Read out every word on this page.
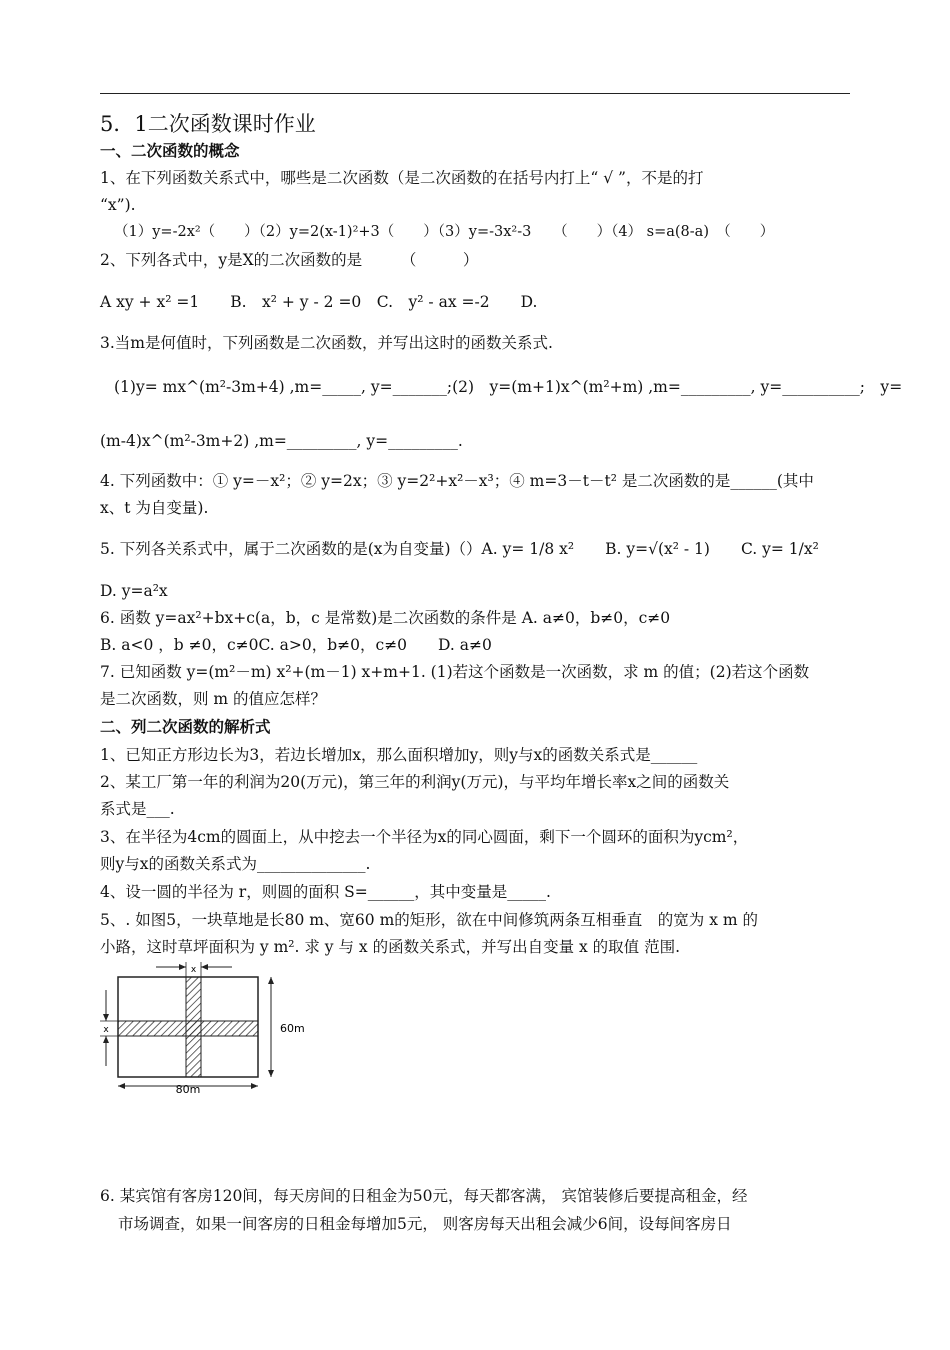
5．1二次函数课时作业
一、二次函数的概念
1、在下列函数关系式中，哪些是二次函数（是二次函数的在括号内打上“ √ ”，不是的打
“x”).
（1）y=-2x²（　　）（2）y=2(x-1)²+3（　　）（3）y=-3x²-3　　（　　）（4） s=a(8-a)　（　　）
2、下列各式中，y是X的二次函数的是　　　（　　　）
A xy + x² =1　　B.　x² + y - 2 =0　C.　y² - ax =-2　　D.
3.当m是何值时，下列函数是二次函数，并写出这时的函数关系式.
(1)y= mx^(m²-3m+4) ,m=_____, y=_______;(2)　y=(m+1)x^(m²+m) ,m=_________, y=__________;　y=
(m-4)x^(m²-3m+2) ,m=_________, y=_________.
4. 下列函数中：① y=－x²；② y=2x；③ y=2²+x²－x³；④ m=3－t－t² 是二次函数的是______(其中
x、t 为自变量).
5. 下列各关系式中，属于二次函数的是(x为自变量)（）A. y= 1/8 x²　　B. y=√(x² - 1)　　C. y= 1/x²
D. y=a²x
6. 函数 y=ax²+bx+c(a，b，c 是常数)是二次函数的条件是 A. a≠0，b≠0，c≠0
B. a<0 ，b ≠0，c≠0C. a>0，b≠0，c≠0　　D. a≠0
7. 已知函数 y=(m²－m) x²+(m－1) x+m+1. (1)若这个函数是一次函数，求 m 的值；(2)若这个函数
是二次函数，则 m 的值应怎样？
二、列二次函数的解析式
1、已知正方形边长为3，若边长增加x，那么面积增加y，则y与x的函数关系式是______
2、某工厂第一年的利润为20(万元)，第三年的利润y(万元)，与平均年增长率x之间的函数关
系式是___.
3、在半径为4cm的圆面上，从中挖去一个半径为x的同心圆面，剩下一个圆环的面积为ycm²，
则y与x的函数关系式为______________.
4、设一圆的半径为 r，则圆的面积 S=______，其中变量是_____.
5、. 如图5，一块草地是长80 m、宽60 m的矩形，欲在中间修筑两条互相垂直　的宽为 x m 的
小路，这时草坪面积为 y m². 求 y 与 x 的函数关系式，并写出自变量 x 的取值 范围.
x
x	60m
80m
6. 某宾馆有客房120间，每天房间的日租金为50元，每天都客满， 宾馆装修后要提高租金，经
市场调查，如果一间客房的日租金每增加5元， 则客房每天出租会减少6间，设每间客房日
